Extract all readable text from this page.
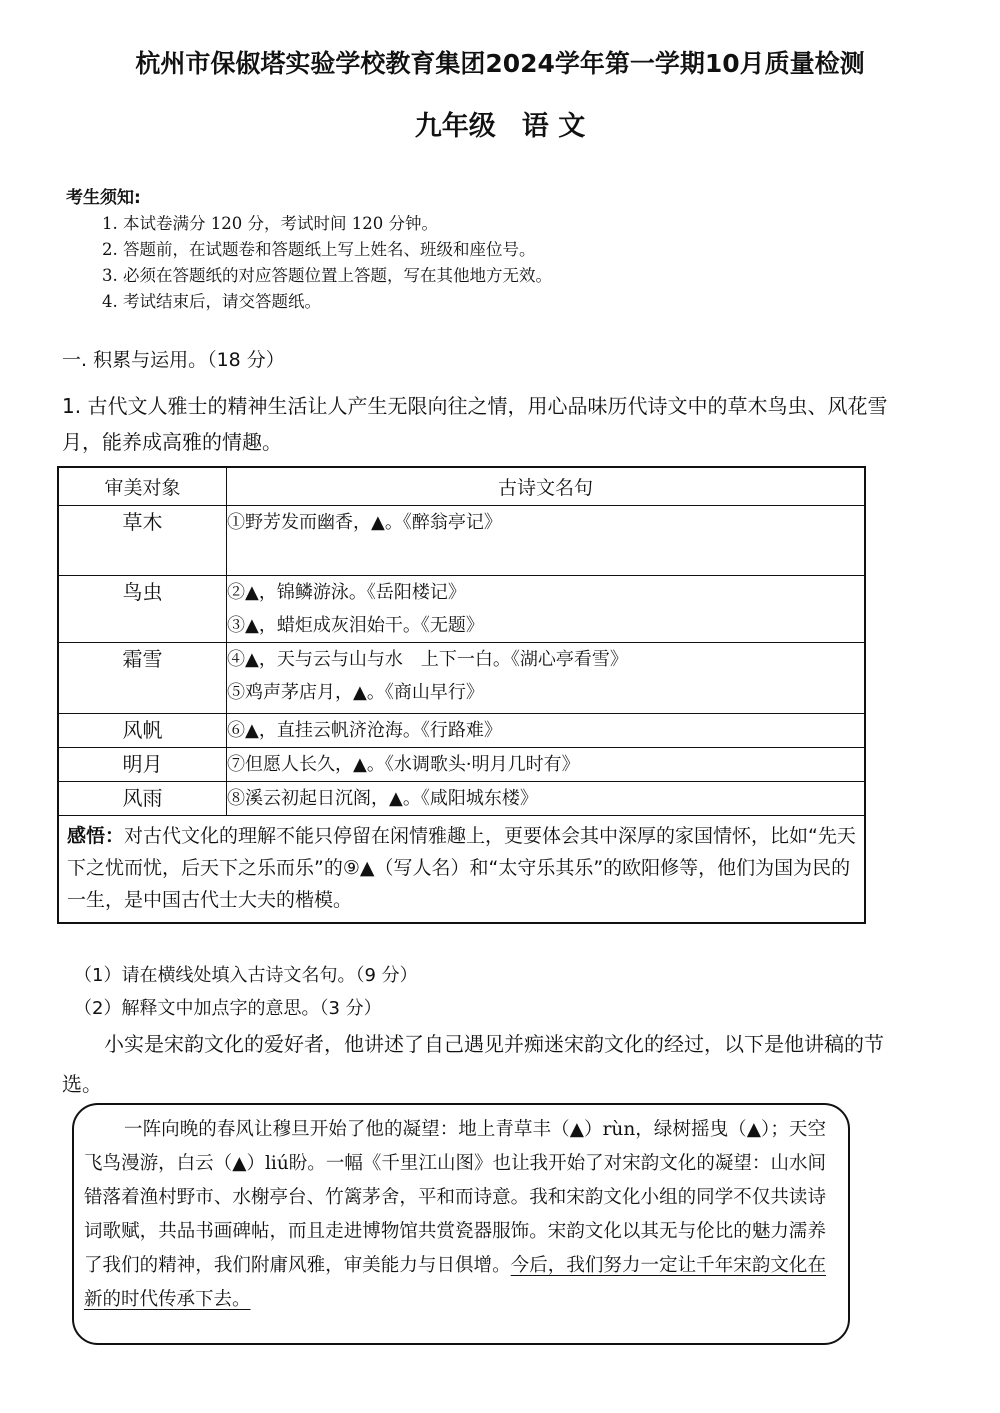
杭州市保俶塔实验学校教育集团2024学年第一学期10月质量检测
九年级 语 文
考生须知:
1. 本试卷满分 120 分，考试时间 120 分钟。
2. 答题前，在试题卷和答题纸上写上姓名、班级和座位号。
3. 必须在答题纸的对应答题位置上答题，写在其他地方无效。
4. 考试结束后，请交答题纸。
一. 积累与运用。（18 分）
1. 古代文人雅士的精神生活让人产生无限向往之情，用心品味历代诗文中的草木鸟虫、风花雪月，能养成高雅的情趣。
审美对象	古诗文名句
草木	①野芳发而幽香，▲。《醉翁亭记》

鸟虫	②▲，锦鳞游泳。《岳阳楼记》
③▲，蜡炬成灰泪始干。《无题》

霜雪	④▲，天与云与山与水　上下一白。《湖心亭看雪》
⑤鸡声茅店月，▲。《商山早行》

风帆	⑥▲，直挂云帆济沧海。《行路难》

明月	⑦但愿人长久，▲。《水调歌头·明月几时有》

风雨	⑧溪云初起日沉阁，▲。《咸阳城东楼》

感悟：对古代文化的理解不能只停留在闲情雅趣上，更要体会其中深厚的家国情怀，比如“先天下之忧而忧，后天下之乐而乐”的⑨▲（写人名）和“太守乐其乐”的欧阳修等，他们为国为民的一生，是中国古代士大夫的楷模。	
（1）请在横线处填入古诗文名句。（9 分）
（2）解释文中加点字的意思。（3 分）
小实是宋韵文化的爱好者，他讲述了自己遇见并痴迷宋韵文化的经过，以下是他讲稿的节选。
一阵向晚的春风让穆旦开始了他的凝望：地上青草丰（▲）rùn，绿树摇曳（▲）；天空飞鸟漫游，白云（▲）liú盼。一幅《千里江山图》也让我开始了对宋韵文化的凝望：山水间错落着渔村野市、水榭亭台、竹篱茅舍，平和而诗意。我和宋韵文化小组的同学不仅共读诗词歌赋，共品书画碑帖，而且走进博物馆共赏瓷器服饰。宋韵文化以其无与伦比的魅力濡养了我们的精神，我们附庸风雅，审美能力与日俱增。今后，我们努力一定让千年宋韵文化在新的时代传承下去。
